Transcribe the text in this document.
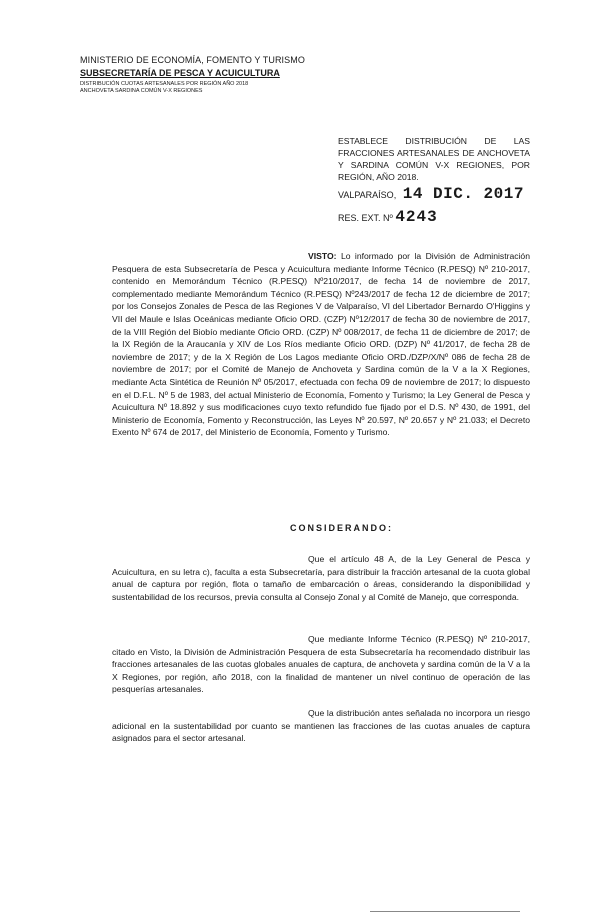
MINISTERIO DE ECONOMÍA, FOMENTO Y TURISMO
SUBSECRETARÍA DE PESCA Y ACUICULTURA
DISTRIBUCIÓN CUOTAS ARTESANALES POR REGIÓN AÑO 2018
ANCHOVETA SARDINA COMÚN V-X REGIONES
ESTABLECE DISTRIBUCIÓN DE LAS FRACCIONES ARTESANALES DE ANCHOVETA Y SARDINA COMÚN V-X REGIONES, POR REGIÓN, AÑO 2018.
VALPARAÍSO, 14 DIC. 2017
RES. EXT. Nº 4243
VISTO: Lo informado por la División de Administración Pesquera de esta Subsecretaría de Pesca y Acuicultura mediante Informe Técnico (R.PESQ) Nº 210-2017, contenido en Memorándum Técnico (R.PESQ) Nº210/2017, de fecha 14 de noviembre de 2017, complementado mediante Memorándum Técnico (R.PESQ) Nº243/2017 de fecha 12 de diciembre de 2017; por los Consejos Zonales de Pesca de las Regiones V de Valparaíso, VI del Libertador Bernardo O'Higgins y VII del Maule e Islas Oceánicas mediante Oficio ORD. (CZP) Nº12/2017 de fecha 30 de noviembre de 2017, de la VIII Región del Biobío mediante Oficio ORD. (CZP) Nº 008/2017, de fecha 11 de diciembre de 2017; de la IX Región de la Araucanía y XIV de Los Ríos mediante Oficio ORD. (DZP) Nº 41/2017, de fecha 28 de noviembre de 2017; y de la X Región de Los Lagos mediante Oficio ORD./DZP/X/Nº 086 de fecha 28 de noviembre de 2017; por el Comité de Manejo de Anchoveta y Sardina común de la V a la X Regiones, mediante Acta Sintética de Reunión Nº 05/2017, efectuada con fecha 09 de noviembre de 2017; lo dispuesto en el D.F.L. Nº 5 de 1983, del actual Ministerio de Economía, Fomento y Turismo; la Ley General de Pesca y Acuicultura Nº 18.892 y sus modificaciones cuyo texto refundido fue fijado por el D.S. Nº 430, de 1991, del Ministerio de Economía, Fomento y Reconstrucción, las Leyes Nº 20.597, Nº 20.657 y Nº 21.033; el Decreto Exento Nº 674 de 2017, del Ministerio de Economía, Fomento y Turismo.
CONSIDERANDO:
Que el artículo 48 A, de la Ley General de Pesca y Acuicultura, en su letra c), faculta a esta Subsecretaría, para distribuir la fracción artesanal de la cuota global anual de captura por región, flota o tamaño de embarcación o áreas, considerando la disponibilidad y sustentabilidad de los recursos, previa consulta al Consejo Zonal y al Comité de Manejo, que corresponda.
Que mediante Informe Técnico (R.PESQ) Nº 210-2017, citado en Visto, la División de Administración Pesquera de esta Subsecretaría ha recomendado distribuir las fracciones artesanales de las cuotas globales anuales de captura, de anchoveta y sardina común de la V a la X Regiones, por región, año 2018, con la finalidad de mantener un nivel continuo de operación de las pesquerías artesanales.
Que la distribución antes señalada no incorpora un riesgo adicional en la sustentabilidad por cuanto se mantienen las fracciones de las cuotas anuales de captura asignados para el sector artesanal.
